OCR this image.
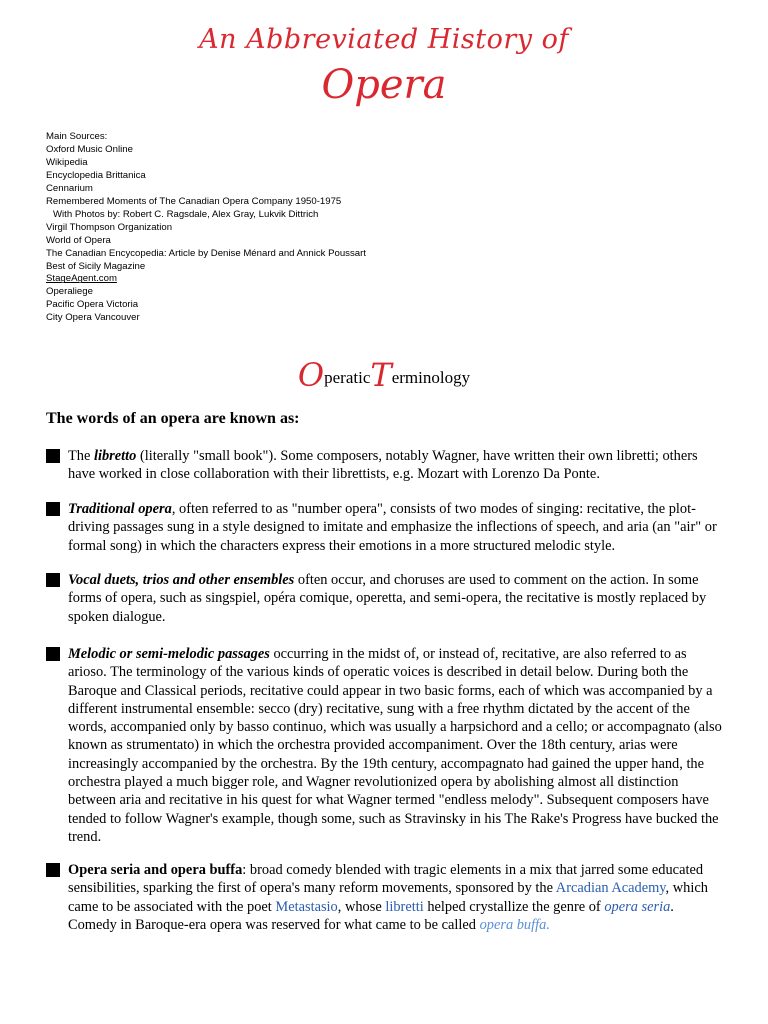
An Abbreviated History of
Opera
Main Sources:
Oxford Music Online
Wikipedia
Encyclopedia Brittanica
Cennarium
Remembered Moments of The Canadian Opera Company 1950-1975
With Photos by: Robert C. Ragsdale, Alex Gray, Lukvik Dittrich
Virgil Thompson Organization
World of Opera
The Canadian Encycopedia: Article by Denise Ménard and Annick Poussart
Best of Sicily Magazine
StageAgent.com
Operaliege
Pacific Opera Victoria
City Opera Vancouver
OperaticTerminology
The words of an opera are known as:

The libretto (literally "small book"). Some composers, notably Wagner, have written their own libretti; others have worked in close collaboration with their librettists, e.g. Mozart with Lorenzo Da Ponte.

Traditional opera, often referred to as "number opera", consists of two modes of singing: recitative, the plot-driving passages sung in a style designed to imitate and emphasize the inflections of speech, and aria (an "air" or formal song) in which the characters express their emotions in a more structured melodic style.

Vocal duets, trios and other ensembles often occur, and choruses are used to comment on the action. In some forms of opera, such as singspiel, opéra comique, operetta, and semi-opera, the recitative is mostly replaced by spoken dialogue.

Melodic or semi-melodic passages occurring in the midst of, or instead of, recitative, are also referred to as arioso. The terminology of the various kinds of operatic voices is described in detail below. During both the Baroque and Classical periods, recitative could appear in two basic forms, each of which was accompanied by a different instrumental ensemble: secco (dry) recitative, sung with a free rhythm dictated by the accent of the words, accompanied only by basso continuo, which was usually a harpsichord and a cello; or accompagnato (also known as strumentato) in which the orchestra provided accompaniment. Over the 18th century, arias were increasingly accompanied by the orchestra. By the 19th century, accompagnato had gained the upper hand, the orchestra played a much bigger role, and Wagner revolutionized opera by abolishing almost all distinction between aria and recitative in his quest for what Wagner termed "endless melody". Subsequent composers have tended to follow Wagner's example, though some, such as Stravinsky in his The Rake's Progress have bucked the trend.

Opera seria and opera buffa: broad comedy blended with tragic elements in a mix that jarred some educated sensibilities, sparking the first of opera's many reform movements, sponsored by the Arcadian Academy, which came to be associated with the poet Metastasio, whose libretti helped crystallize the genre of opera seria. Comedy in Baroque-era opera was reserved for what came to be called opera buffa.
